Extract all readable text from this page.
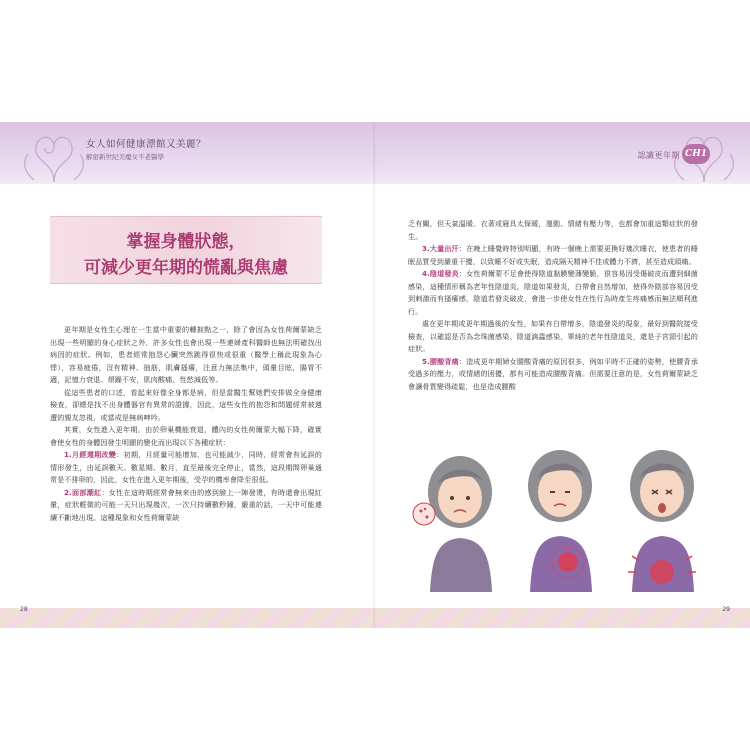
女人如何健康漂館又美麗？
解密新世紀美魔女不老醫學	認識更年期 CH1
掌握身體狀態，
可減少更年期的慌亂與焦慮

更年期是女性生心理在一生當中重要的轉捩點之一，除了會因為女性荷爾蒙缺乏出現一些明顯的身心症狀之外，許多女性也會出現一些連婦產科醫師也無法明確找出病因的症狀。例如，患者經常抱怨心臟突然跳得很快或很重（醫學上稱此現象為心悸），容易疲倦，沒有精神、抽筋，肌膚搔癢，注意力無法集中，頭暈目眩，腸胃不適，記憶力衰退、煩躁不安，肌肉酸痛、性慾減低等。

從這些患者的口述，看起來好像全身都是病，但是當醫生幫她們安排做全身健康檢查，卻總是找不出身體器官有異常的證據，因此，這些女性的抱怨和問題經常被週遭的親友忽視，或當成是無病呻吟。

其實，女性進入更年期，由於卵巢機能衰退，體內的女性荷爾蒙大幅下降，確實會使女性的身體因發生明顯的變化而出現以下各種症狀：

1.月經週期改變：初期，月經量可能增加，也可能減少，同時，經常會有延誤的情形發生，由延誤數天、數星期、數月，直至最後完全停止，當然，這段期間卵巢通常是不排卵的，因此，女性在進入更年期後，受孕的機率會降至很低。

2.面部潮紅：女性在這時期經常會無來由的感到臉上一陣發燙，有時還會出現紅暈，症狀輕微的可能一天只出現幾次，一次只持續數秒鐘，嚴重的話，一天中可能連續不斷地出現。這種現象和女性荷爾蒙缺

乏有關，但天氣溫暖、衣著或寢具太保暖，運動、情緒有壓力等，也都會加重這類症狀的發生。

3.大量出汗：在晚上睡覺時特別明顯，有時一個晚上需要更換好幾次睡衣，使患者的睡眠品質受到嚴重干擾，以致睡不好或失眠，造成隔天精神不佳或體力不濟，甚至造成頭痛。

4.陰道發炎：女性荷爾蒙不足會使得陰道黏膜變薄變脆，很容易因受傷破皮而遭到細菌感染，這種情形稱為老年性陰道炎，陰道如果發炎，白帶會自然增加，使得外陰部容易因受到刺激而有搔癢感，陰道若發炎破皮，會進一步使女性在性行為時產生疼痛感而無法順利進行。

處在更年期或更年期過後的女性，如果有白帶增多，陰道發炎的現象，最好到醫院接受檢查，以確認是否為念珠菌感染、陰道滴蟲感染、單純的老年性陰道炎，還是子宮頸引起的症狀。

5.腰酸背痛：造成更年期婦女腰酸背痛的原因很多，例如平時不正確的姿勢，使腰背承受過多的壓力，或情緒的困擾，都有可能造成腰酸背痛。但需要注意的是，女性荷爾蒙缺乏會讓骨質變得疏鬆，也是造成腰酸

28	29
